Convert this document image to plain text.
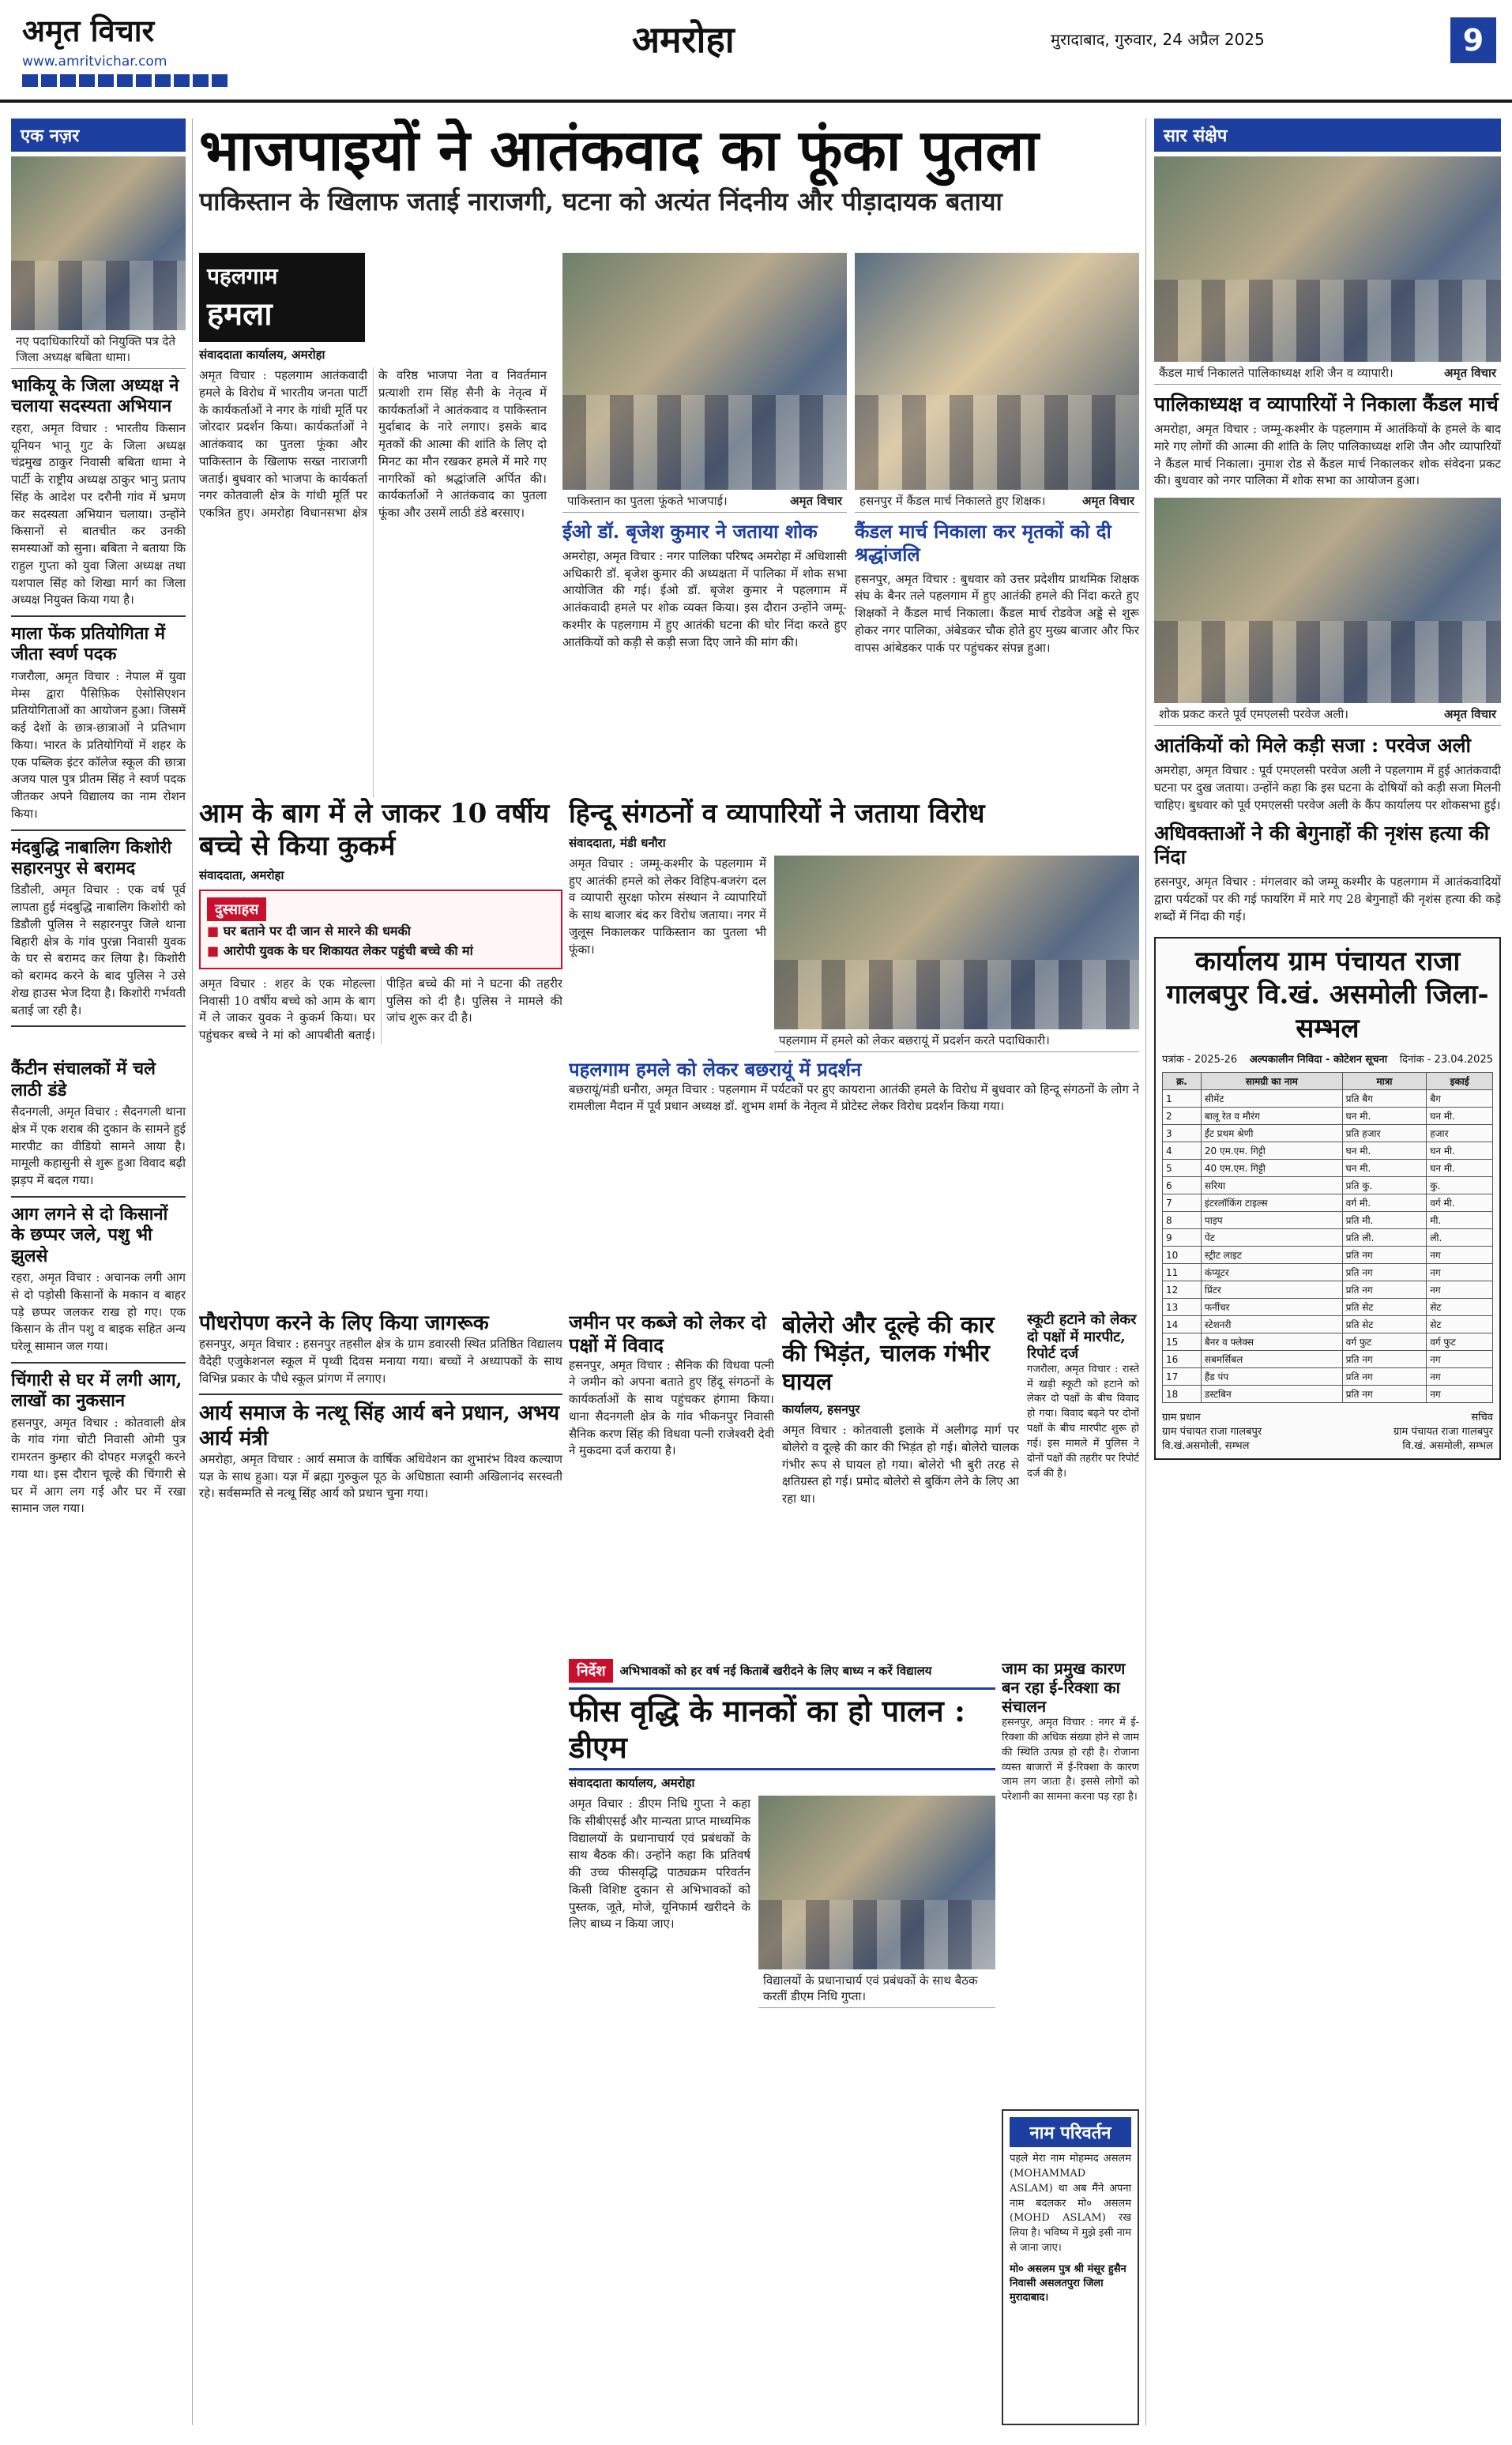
अमृत विचार
www.amritvichar.com
अमरोहा	मुरादाबाद, गुरुवार, 24 अप्रैल 2025	9
एक नज़र
नए पदाधिकारियों को नियुक्ति पत्र देते जिला अध्यक्ष बबिता धामा।
भाकियू के जिला अध्यक्ष ने चलाया सदस्यता अभियान
रहरा, अमृत विचार : भारतीय किसान यूनियन भानू गुट के जिला अध्यक्ष चंद्रमुख ठाकुर निवासी बबिता धामा ने पार्टी के राष्ट्रीय अध्यक्ष ठाकुर भानु प्रताप सिंह के आदेश पर दरौनी गांव में भ्रमण कर सदस्यता अभियान चलाया। उन्होंने किसानों से बातचीत कर उनकी समस्याओं को सुना। बबिता ने बताया कि राहुल गुप्ता को युवा जिला अध्यक्ष तथा यशपाल सिंह को शिखा मार्ग का जिला अध्यक्ष नियुक्त किया गया है।
माला फेंक प्रतियोगिता में जीता स्वर्ण पदक
गजरौला, अमृत विचार : नेपाल में युवा मेम्स द्वारा पैसिफ़िक ऐसोसिएशन प्रतियोगिताओं का आयोजन हुआ। जिसमें कई देशों के छात्र-छात्राओं ने प्रतिभाग किया। भारत के प्रतियोगियों में शहर के एक पब्लिक इंटर कॉलेज स्कूल की छात्रा अजय पाल पुत्र प्रीतम सिंह ने स्वर्ण पदक जीतकर अपने विद्यालय का नाम रोशन किया।
मंदबुद्धि नाबालिग किशोरी सहारनपुर से बरामद
डिडौली, अमृत विचार : एक वर्ष पूर्व लापता हुई मंदबुद्धि नाबालिग किशोरी को डिडौली पुलिस ने सहारनपुर जिले थाना बिहारी क्षेत्र के गांव पुरन्ना निवासी युवक के घर से बरामद कर लिया है। किशोरी को बरामद करने के बाद पुलिस ने उसे शेख हाउस भेज दिया है। किशोरी गर्भवती बताई जा रही है।
कैंटीन संचालकों में चले लाठी डंडे
सैदनगली, अमृत विचार : सैदनगली थाना क्षेत्र में एक शराब की दुकान के सामने हुई मारपीट का वीडियो सामने आया है। मामूली कहासुनी से शुरू हुआ विवाद बढ़ी झड़प में बदल गया।
आग लगने से दो किसानों के छप्पर जले, पशु भी झुलसे
रहरा, अमृत विचार : अचानक लगी आग से दो पड़ोसी किसानों के मकान व बाहर पड़े छप्पर जलकर राख हो गए। एक किसान के तीन पशु व बाइक सहित अन्य घरेलू सामान जल गया।
चिंगारी से घर में लगी आग, लाखों का नुकसान
हसनपुर, अमृत विचार : कोतवाली क्षेत्र के गांव गंगा चोटी निवासी ओमी पुत्र रामरतन कुम्हार की दोपहर मज़दूरी करने गया था। इस दौरान चूल्हे की चिंगारी से घर में आग लग गई और घर में रखा सामान जल गया।
भाजपाइयों ने आतंकवाद का फूंका पुतला
पाकिस्तान के खिलाफ जताई नाराजगी, घटना को अत्यंत निंदनीय और पीड़ादायक बताया
पहलगाम
हमला
संवाददाता कार्यालय, अमरोहा
अमृत विचार : पहलगाम आतंकवादी हमले के विरोध में भारतीय जनता पार्टी के कार्यकर्ताओं ने नगर के गांधी मूर्ति पर जोरदार प्रदर्शन किया। कार्यकर्ताओं ने आतंकवाद का पुतला फूंका और पाकिस्तान के खिलाफ सख्त नाराजगी जताई। बुधवार को भाजपा के कार्यकर्ता नगर कोतवाली क्षेत्र के गांधी मूर्ति पर एकत्रित हुए। अमरोहा विधानसभा क्षेत्र के वरिष्ठ भाजपा नेता व निवर्तमान प्रत्याशी राम सिंह सैनी के नेतृत्व में कार्यकर्ताओं ने आतंकवाद व पाकिस्तान मुर्दाबाद के नारे लगाए। इसके बाद मृतकों की आत्मा की शांति के लिए दो मिनट का मौन रखकर हमले में मारे गए नागरिकों को श्रद्धांजलि अर्पित की। कार्यकर्ताओं ने आतंकवाद का पुतला फूंका और उसमें लाठी डंडे बरसाए।
पाकिस्तान का पुतला फूंकते भाजपाई।	अमृत विचार हसनपुर में कैंडल मार्च निकालते हुए शिक्षक।	अमृत विचार
ईओ डॉ. बृजेश कुमार ने जताया शोक
अमरोहा, अमृत विचार : नगर पालिका परिषद अमरोहा में अधिशासी अधिकारी डॉ. बृजेश कुमार की अध्यक्षता में पालिका में शोक सभा आयोजित की गई। ईओ डॉ. बृजेश कुमार ने पहलगाम में आतंकवादी हमले पर शोक व्यक्त किया। इस दौरान उन्होंने जम्मू-कश्मीर के पहलगाम में हुए आतंकी घटना की घोर निंदा करते हुए आतंकियों को कड़ी से कड़ी सजा दिए जाने की मांग की।
कैंडल मार्च निकाला कर मृतकों को दी श्रद्धांजलि
हसनपुर, अमृत विचार : बुधवार को उत्तर प्रदेशीय प्राथमिक शिक्षक संघ के बैनर तले पहलगाम में हुए आतंकी हमले की निंदा करते हुए शिक्षकों ने कैंडल मार्च निकाला। कैंडल मार्च रोडवेज अड्डे से शुरू होकर नगर पालिका, अंबेडकर चौक होते हुए मुख्य बाजार और फिर वापस आंबेडकर पार्क पर पहुंचकर संपन्न हुआ।
आम के बाग में ले जाकर 10 वर्षीय बच्चे से किया कुकर्म
संवाददाता, अमरोहा
दुस्साहस
■ घर बताने पर दी जान से मारने की धमकी
■ आरोपी युवक के घर शिकायत लेकर पहुंची बच्चे की मां
अमृत विचार : शहर के एक मोहल्ला निवासी 10 वर्षीय बच्चे को आम के बाग में ले जाकर युवक ने कुकर्म किया। घर पहुंचकर बच्चे ने मां को आपबीती बताई। पीड़ित बच्चे की मां ने घटना की तहरीर पुलिस को दी है। पुलिस ने मामले की जांच शुरू कर दी है।
हिन्दू संगठनों व व्यापारियों ने जताया विरोध
संवाददाता, मंडी धनौरा
अमृत विचार : जम्मू-कश्मीर के पहलगाम में हुए आतंकी हमले को लेकर विहिप-बजरंग दल व व्यापारी सुरक्षा फोरम संस्थान ने व्यापारियों के साथ बाजार बंद कर विरोध जताया। नगर में जुलूस निकालकर पाकिस्तान का पुतला भी फूंका।
पहलगाम में हमले को लेकर बछरायूं में प्रदर्शन करते पदाधिकारी।
पहलगाम हमले को लेकर बछरायूं में प्रदर्शन
बछरायूं/मंडी धनौरा, अमृत विचार : पहलगाम में पर्यटकों पर हुए कायराना आतंकी हमले के विरोध में बुधवार को हिन्दू संगठनों के लोग ने रामलीला मैदान में पूर्व प्रधान अध्यक्ष डॉ. शुभम शर्मा के नेतृत्व में प्रोटेस्ट लेकर विरोध प्रदर्शन किया गया।
पौधरोपण करने के लिए किया जागरूक
हसनपुर, अमृत विचार : हसनपुर तहसील क्षेत्र के ग्राम डवारसी स्थित प्रतिष्ठित विद्यालय वैदेही एजुकेशनल स्कूल में पृथ्वी दिवस मनाया गया। बच्चों ने अध्यापकों के साथ विभिन्न प्रकार के पौधे स्कूल प्रांगण में लगाए।
आर्य समाज के नत्थू सिंह आर्य बने प्रधान, अभय आर्य मंत्री
अमरोहा, अमृत विचार : आर्य समाज के वार्षिक अधिवेशन का शुभारंभ विश्व कल्याण यज्ञ के साथ हुआ। यज्ञ में ब्रह्मा गुरुकुल पूठ के अधिष्ठाता स्वामी अखिलानंद सरस्वती रहे। सर्वसम्मति से नत्थू सिंह आर्य को प्रधान चुना गया।
जमीन पर कब्जे को लेकर दो पक्षों में विवाद
हसनपुर, अमृत विचार : सैनिक की विधवा पत्नी ने जमीन को अपना बताते हुए हिंदू संगठनों के कार्यकर्ताओं के साथ पहुंचकर हंगामा किया। थाना सैदनगली क्षेत्र के गांव भीकनपुर निवासी सैनिक करण सिंह की विधवा पत्नी राजेश्वरी देवी ने मुकदमा दर्ज कराया है।
बोलेरो और दूल्हे की कार की भिड़ंत, चालक गंभीर घायल
कार्यालय, हसनपुर
अमृत विचार : कोतवाली इलाके में अलीगढ़ मार्ग पर बोलेरो व दूल्हे की कार की भिड़ंत हो गई। बोलेरो चालक गंभीर रूप से घायल हो गया। बोलेरो भी बुरी तरह से क्षतिग्रस्त हो गई। प्रमोद बोलेरो से बुकिंग लेने के लिए आ रहा था।
स्कूटी हटाने को लेकर दो पक्षों में मारपीट, रिपोर्ट दर्ज
गजरौला, अमृत विचार : रास्ते में खड़ी स्कूटी को हटाने को लेकर दो पक्षों के बीच विवाद हो गया। विवाद बढ़ने पर दोनों पक्षों के बीच मारपीट शुरू हो गई। इस मामले में पुलिस ने दोनों पक्षों की तहरीर पर रिपोर्ट दर्ज की है।
निर्देश	अभिभावकों को हर वर्ष नई किताबें खरीदने के लिए बाध्य न करें विद्यालय
फीस वृद्धि के मानकों का हो पालन : डीएम
संवाददाता कार्यालय, अमरोहा
अमृत विचार : डीएम निधि गुप्ता ने कहा कि सीबीएसई और मान्यता प्राप्त माध्यमिक विद्यालयों के प्रधानाचार्य एवं प्रबंधकों के साथ बैठक की। उन्होंने कहा कि प्रतिवर्ष की उच्च फीसवृद्धि पाठ्यक्रम परिवर्तन किसी विशिष्ट दुकान से अभिभावकों को पुस्तक, जूते, मोजे, यूनिफार्म खरीदने के लिए बाध्य न किया जाए।
विद्यालयों के प्रधानाचार्य एवं प्रबंधकों के साथ बैठक करतीं डीएम निधि गुप्ता।
जाम का प्रमुख कारण बन रहा ई-रिक्शा का संचालन
हसनपुर, अमृत विचार : नगर में ई-रिक्शा की अधिक संख्या होने से जाम की स्थिति उत्पन्न हो रही है। रोजाना व्यस्त बाजारों में ई-रिक्शा के कारण जाम लग जाता है। इससे लोगों को परेशानी का सामना करना पड़ रहा है।
नाम परिवर्तन
पहले मेरा नाम मोहम्मद असलम (MOHAMMAD ASLAM) था अब मैंने अपना नाम बदलकर मो० असलम (MOHD ASLAM) रख लिया है। भविष्य में मुझे इसी नाम से जाना जाए।
मो० असलम पुत्र श्री मंसूर हुसैन निवासी असलतपुरा जिला मुरादाबाद।
सार संक्षेप
कैंडल मार्च निकालते पालिकाध्यक्ष शशि जैन व व्यापारी।	अमृत विचार
पालिकाध्यक्ष व व्यापारियों ने निकाला कैंडल मार्च
अमरोहा, अमृत विचार : जम्मू-कश्मीर के पहलगाम में आतंकियों के हमले के बाद मारे गए लोगों की आत्मा की शांति के लिए पालिकाध्यक्ष शशि जैन और व्यापारियों ने कैंडल मार्च निकाला। नुमाश रोड से कैंडल मार्च निकालकर शोक संवेदना प्रकट की। बुधवार को नगर पालिका में शोक सभा का आयोजन हुआ।
शोक प्रकट करते पूर्व एमएलसी परवेज अली।	अमृत विचार
आतंकियों को मिले कड़ी सजा : परवेज अली
अमरोहा, अमृत विचार : पूर्व एमएलसी परवेज अली ने पहलगाम में हुई आतंकवादी घटना पर दुख जताया। उन्होंने कहा कि इस घटना के दोषियों को कड़ी सजा मिलनी चाहिए। बुधवार को पूर्व एमएलसी परवेज अली के कैंप कार्यालय पर शोकसभा हुई।
अधिवक्ताओं ने की बेगुनाहों की नृशंस हत्या की निंदा
हसनपुर, अमृत विचार : मंगलवार को जम्मू कश्मीर के पहलगाम में आतंकवादियों द्वारा पर्यटकों पर की गई फायरिंग में मारे गए 28 बेगुनाहों की नृशंस हत्या की कड़े शब्दों में निंदा की गई।
कार्यालय ग्राम पंचायत राजा गालबपुर वि.खं. असमोली जिला-सम्भल
पत्रांक - 2025-26 अल्पकालीन निविदा - कोटेशन सूचना दिनांक - 23.04.2025
क्र.	सामग्री का नाम	मात्रा	इकाई
1	सीमेंट	प्रति बैग	बैग
2	बालू रेत व मौरंग	घन मी.	घन मी.
3	ईंट प्रथम श्रेणी	प्रति हजार	हजार
4	20 एम.एम. गिट्टी	घन मी.	घन मी.
5	40 एम.एम. गिट्टी	घन मी.	घन मी.
6	सरिया	प्रति कु.	कु.
7	इंटरलॉकिंग टाइल्स	वर्ग मी.	वर्ग मी.
8	पाइप	प्रति मी.	मी.
9	पेंट	प्रति ली.	ली.
10	स्ट्रीट लाइट	प्रति नग	नग
11	कंप्यूटर	प्रति नग	नग
12	प्रिंटर	प्रति नग	नग
13	फर्नीचर	प्रति सेट	सेट
14	स्टेशनरी	प्रति सेट	सेट
15	बैनर व फ्लेक्स	वर्ग फुट	वर्ग फुट
16	सबमर्सिबल	प्रति नग	नग
17	हैंड पंप	प्रति नग	नग
18	डस्टबिन	प्रति नग	नग
ग्राम प्रधान
ग्राम पंचायत राजा गालबपुर
वि.खं.असमोली, सम्भल
सचिव
ग्राम पंचायत राजा गालबपुर
वि.खं. असमोली, सम्भल
